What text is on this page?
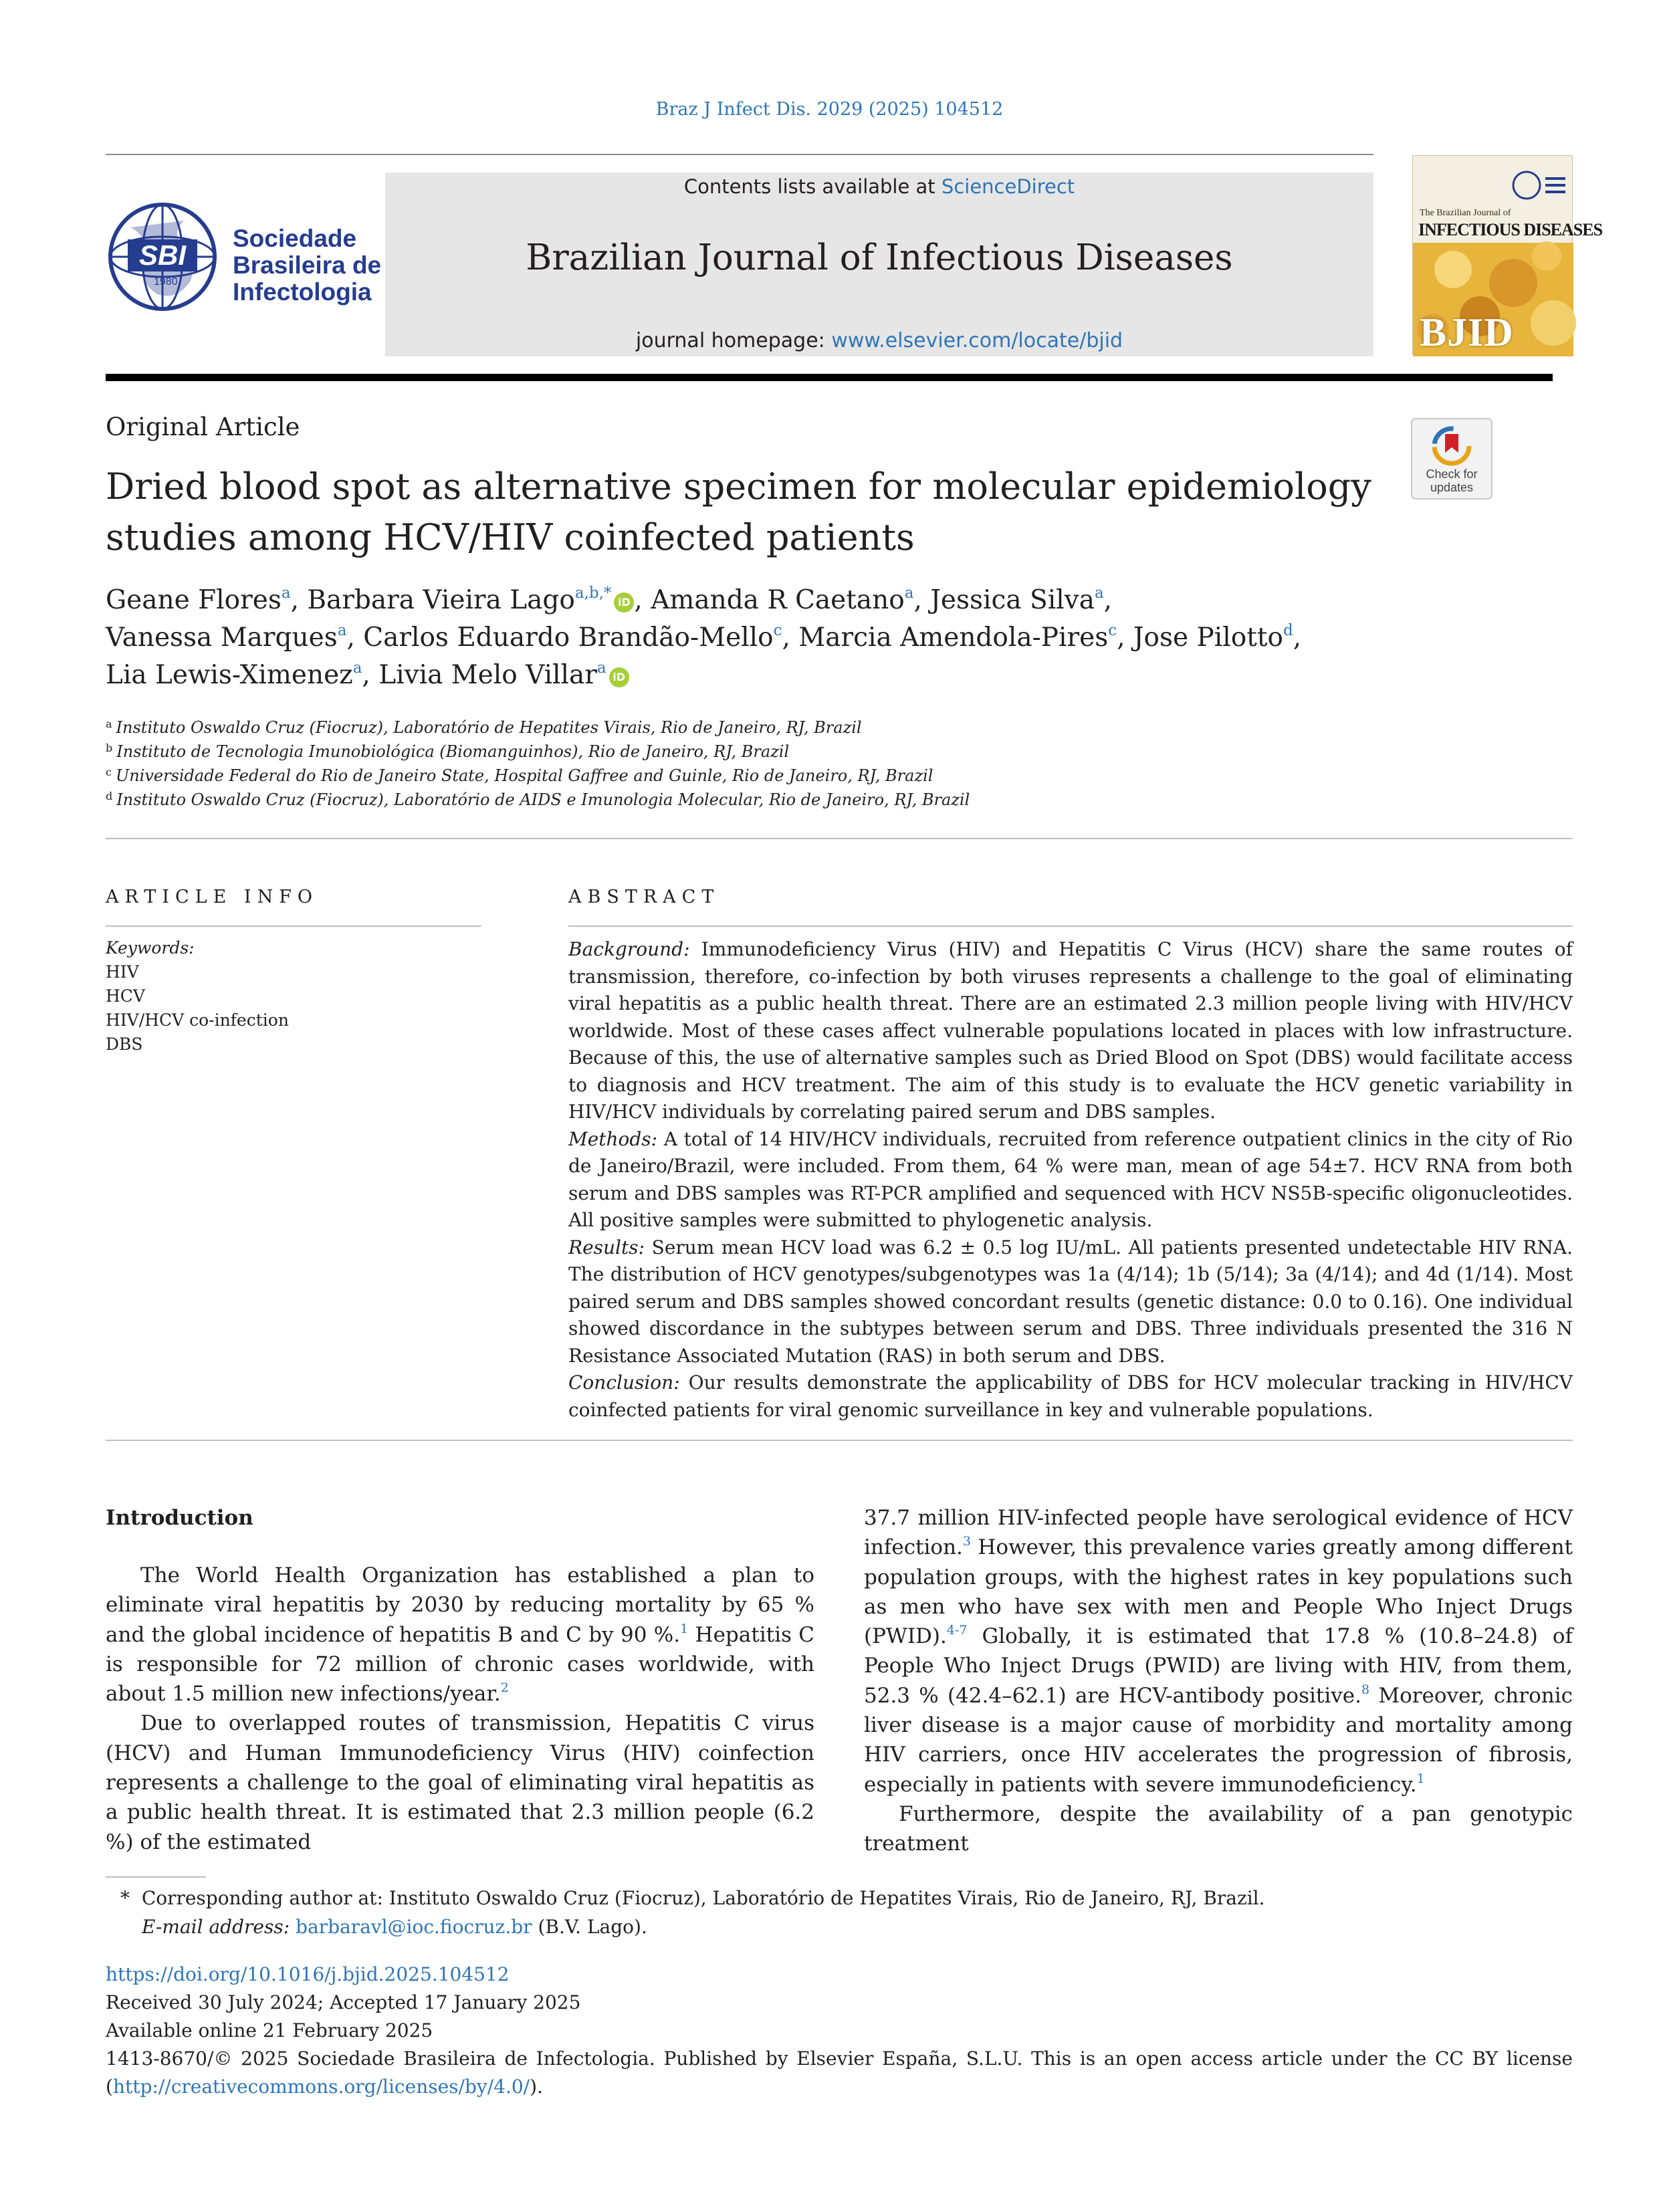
Braz J Infect Dis. 2029 (2025) 104512
SBI
1980
Sociedade
Brasileira de
Infectologia
Contents lists available at ScienceDirect
Brazilian Journal of Infectious Diseases
journal homepage: www.elsevier.com/locate/bjid
The Brazilian Journal of
INFECTIOUS DISEASES
BJID
Original Article
Dried blood spot as alternative specimen for molecular epidemiology studies among HCV/HIV coinfected patients
Check for
updates
Geane Flores$^a$, Barbara Vieira Lago$^{a,b,*}$iD , Amanda R Caetano$^a$, Jessica Silva$^a$,
Vanessa Marques$^a$, Carlos Eduardo Brandão-Mello$^c$, Marcia Amendola-Pires$^c$, Jose Pilotto$^d$,
Lia Lewis-Ximenez$^a$, Livia Melo Villar$^a$iD
$^a$ Instituto Oswaldo Cruz (Fiocruz), Laboratório de Hepatites Virais, Rio de Janeiro, RJ, Brazil
$^b$ Instituto de Tecnologia Imunobiológica (Biomanguinhos), Rio de Janeiro, RJ, Brazil
$^c$ Universidade Federal do Rio de Janeiro State, Hospital Gaffree and Guinle, Rio de Janeiro, RJ, Brazil
$^d$ Instituto Oswaldo Cruz (Fiocruz), Laboratório de AIDS e Imunologia Molecular, Rio de Janeiro, RJ, Brazil
ARTICLE INFO	ABSTRACT
Keywords:
HIV
HCV
HIV/HCV co-infection
DBS

Background: Immunodeficiency Virus (HIV) and Hepatitis C Virus (HCV) share the same routes of transmission, therefore, co-infection by both viruses represents a challenge to the goal of eliminating viral hepatitis as a public health threat. There are an estimated 2.3 million people living with HIV/HCV worldwide. Most of these cases affect vulnerable populations located in places with low infrastructure. Because of this, the use of alternative samples such as Dried Blood on Spot (DBS) would facilitate access to diagnosis and HCV treatment. The aim of this study is to evaluate the HCV genetic variability in HIV/HCV individuals by correlating paired serum and DBS samples.

Methods: A total of 14 HIV/HCV individuals, recruited from reference outpatient clinics in the city of Rio de Janeiro/Brazil, were included. From them, 64 % were man, mean of age 54±7. HCV RNA from both serum and DBS samples was RT-PCR amplified and sequenced with HCV NS5B-specific oligonucleotides. All positive samples were submitted to phylogenetic analysis.

Results: Serum mean HCV load was 6.2 ± 0.5 log IU/mL. All patients presented undetectable HIV RNA. The distribution of HCV genotypes/subgenotypes was 1a (4/14); 1b (5/14); 3a (4/14); and 4d (1/14). Most paired serum and DBS samples showed concordant results (genetic distance: 0.0 to 0.16). One individual showed discordance in the subtypes between serum and DBS. Three individuals presented the 316 N Resistance Associated Mutation (RAS) in both serum and DBS.

Conclusion: Our results demonstrate the applicability of DBS for HCV molecular tracking in HIV/HCV coinfected patients for viral genomic surveillance in key and vulnerable populations.

Introduction

The World Health Organization has established a plan to eliminate viral hepatitis by 2030 by reducing mortality by 65 % and the global incidence of hepatitis B and C by 90 %.$^1$ Hepatitis C is responsible for 72 million of chronic cases worldwide, with about 1.5 million new infections/year.$^2$

Due to overlapped routes of transmission, Hepatitis C virus (HCV) and Human Immunodeficiency Virus (HIV) coinfection represents a challenge to the goal of eliminating viral hepatitis as a public health threat. It is estimated that 2.3 million people (6.2 %) of the estimated

37.7 million HIV-infected people have serological evidence of HCV infection.$^3$ However, this prevalence varies greatly among different population groups, with the highest rates in key populations such as men who have sex with men and People Who Inject Drugs (PWID).$^{4-7}$ Globally, it is estimated that 17.8 % (10.8–24.8) of People Who Inject Drugs (PWID) are living with HIV, from them, 52.3 % (42.4–62.1) are HCV-antibody positive.$^8$ Moreover, chronic liver disease is a major cause of morbidity and mortality among HIV carriers, once HIV accelerates the progression of fibrosis, especially in patients with severe immunodeficiency.$^1$

Furthermore, despite the availability of a pan genotypic treatment

* Corresponding author at: Instituto Oswaldo Cruz (Fiocruz), Laboratório de Hepatites Virais, Rio de Janeiro, RJ, Brazil.
E-mail address: barbaravl@ioc.fiocruz.br (B.V. Lago).
https://doi.org/10.1016/j.bjid.2025.104512
Received 30 July 2024; Accepted 17 January 2025
Available online 21 February 2025
1413-8670/© 2025 Sociedade Brasileira de Infectologia. Published by Elsevier España, S.L.U. This is an open access article under the CC BY license (http://creativecommons.org/licenses/by/4.0/).
